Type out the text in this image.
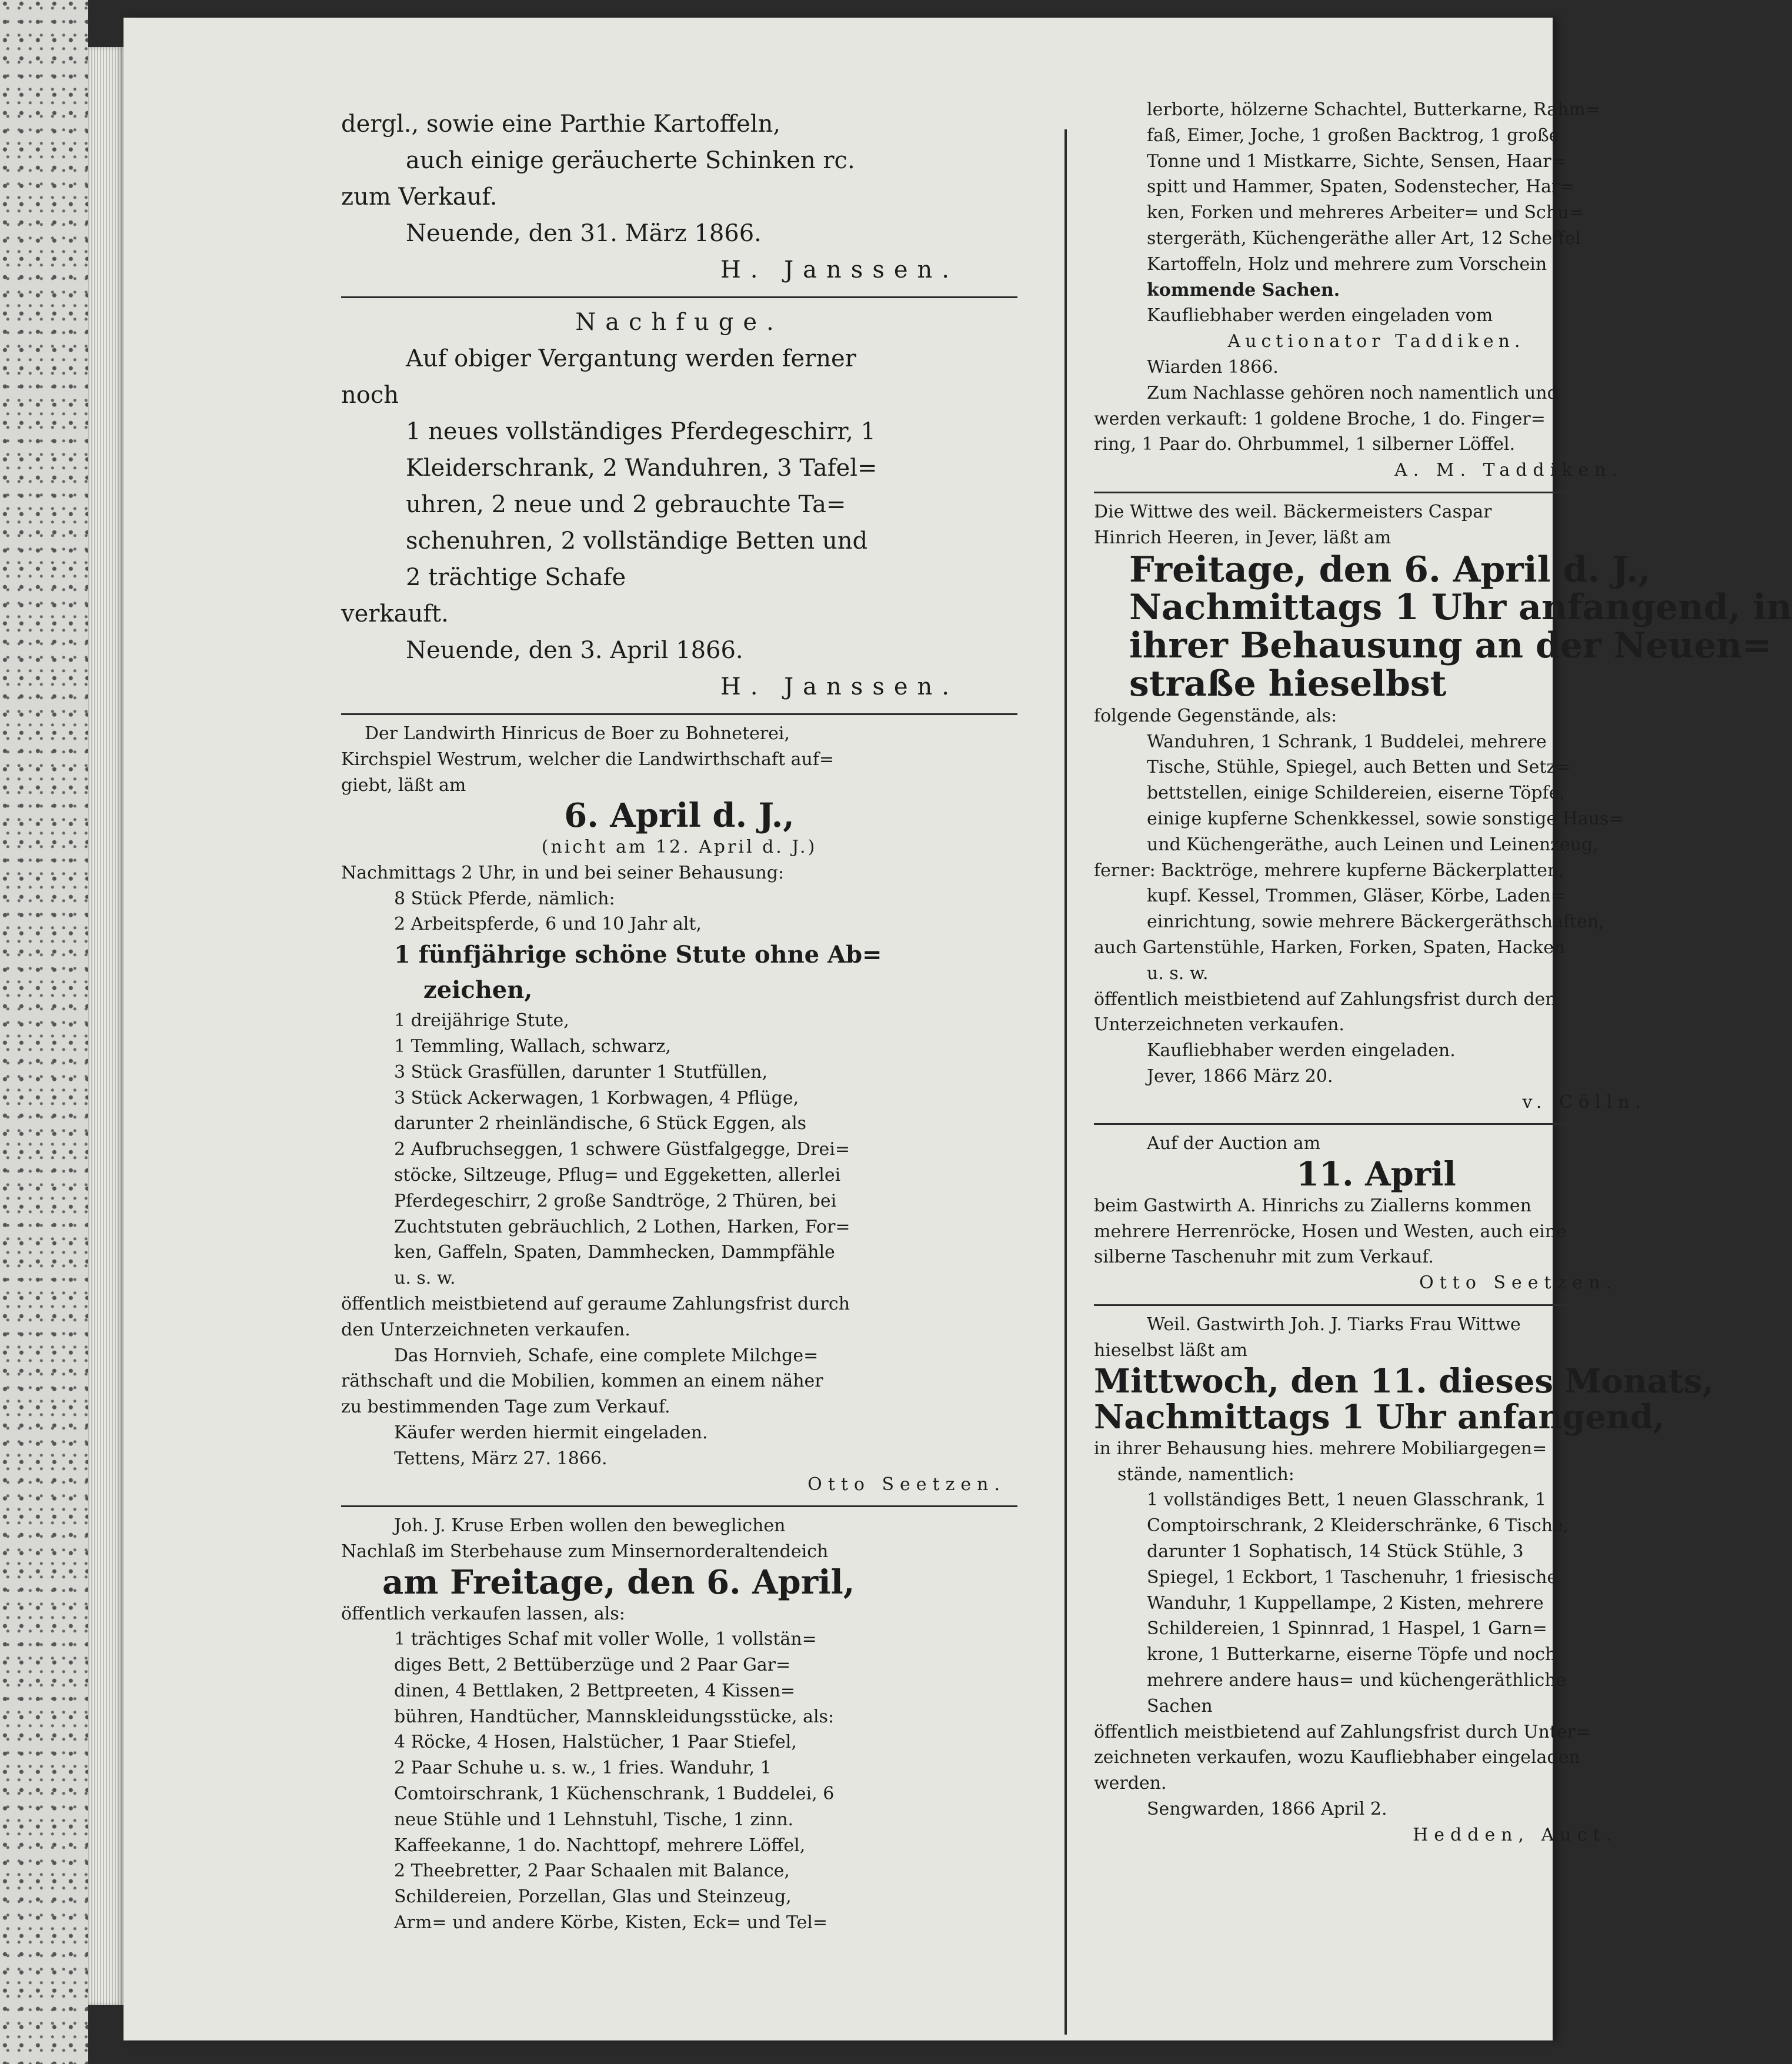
dergl., sowie eine Parthie Kartoffeln,

auch einige geräucherte Schinken rc.

zum Verkauf.

Neuende, den 31. März 1866.

H. Janssen.

Nachfuge.

Auf obiger Vergantung werden ferner

noch

1 neues vollständiges Pferdegeschirr, 1

Kleiderschrank, 2 Wanduhren, 3 Tafel=

uhren, 2 neue und 2 gebrauchte Ta=

schenuhren, 2 vollständige Betten und

2 trächtige Schafe

verkauft.

Neuende, den 3. April 1866.

H. Janssen.

Der Landwirth Hinricus de Boer zu Bohneterei,

Kirchspiel Westrum, welcher die Landwirthschaft auf=

giebt, läßt am

6. April d. J.,

(nicht am 12. April d. J.)

Nachmittags 2 Uhr, in und bei seiner Behausung:

8 Stück Pferde, nämlich:

2 Arbeitspferde, 6 und 10 Jahr alt,

1 fünfjährige schöne Stute ohne Ab=

zeichen,

1 dreijährige Stute,

1 Temmling, Wallach, schwarz,

3 Stück Grasfüllen, darunter 1 Stutfüllen,

3 Stück Ackerwagen, 1 Korbwagen, 4 Pflüge,

darunter 2 rheinländische, 6 Stück Eggen, als

2 Aufbruchseggen, 1 schwere Güstfalgegge, Drei=

stöcke, Siltzeuge, Pflug= und Eggeketten, allerlei

Pferdegeschirr, 2 große Sandtröge, 2 Thüren, bei

Zuchtstuten gebräuchlich, 2 Lothen, Harken, For=

ken, Gaffeln, Spaten, Dammhecken, Dammpfähle

u. s. w.

öffentlich meistbietend auf geraume Zahlungsfrist durch

den Unterzeichneten verkaufen.

Das Hornvieh, Schafe, eine complete Milchge=

räthschaft und die Mobilien, kommen an einem näher

zu bestimmenden Tage zum Verkauf.

Käufer werden hiermit eingeladen.

Tettens, März 27. 1866.

Otto Seetzen.

Joh. J. Kruse Erben wollen den beweglichen

Nachlaß im Sterbehause zum Minsernorderaltendeich

am Freitage, den 6. April,

öffentlich verkaufen lassen, als:

1 trächtiges Schaf mit voller Wolle, 1 vollstän=

diges Bett, 2 Bettüberzüge und 2 Paar Gar=

dinen, 4 Bettlaken, 2 Bettpreeten, 4 Kissen=

bühren, Handtücher, Mannskleidungsstücke, als:

4 Röcke, 4 Hosen, Halstücher, 1 Paar Stiefel,

2 Paar Schuhe u. s. w., 1 fries. Wanduhr, 1

Comtoirschrank, 1 Küchenschrank, 1 Buddelei, 6

neue Stühle und 1 Lehnstuhl, Tische, 1 zinn.

Kaffeekanne, 1 do. Nachttopf, mehrere Löffel,

2 Theebretter, 2 Paar Schaalen mit Balance,

Schildereien, Porzellan, Glas und Steinzeug,

Arm= und andere Körbe, Kisten, Eck= und Tel=

lerborte, hölzerne Schachtel, Butterkarne, Rahm=

faß, Eimer, Joche, 1 großen Backtrog, 1 große

Tonne und 1 Mistkarre, Sichte, Sensen, Haar=

spitt und Hammer, Spaten, Sodenstecher, Har=

ken, Forken und mehreres Arbeiter= und Schu=

stergeräth, Küchengeräthe aller Art, 12 Scheffel

Kartoffeln, Holz und mehrere zum Vorschein

kommende Sachen.

Kaufliebhaber werden eingeladen vom

Auctionator Taddiken.

Wiarden 1866.

Zum Nachlasse gehören noch namentlich und

werden verkauft: 1 goldene Broche, 1 do. Finger=

ring, 1 Paar do. Ohrbummel, 1 silberner Löffel.

A. M. Taddiken.

Die Wittwe des weil. Bäckermeisters Caspar

Hinrich Heeren, in Jever, läßt am

Freitage, den 6. April d. J.,

Nachmittags 1 Uhr anfangend, in

ihrer Behausung an der Neuen=

straße hieselbst

folgende Gegenstände, als:

Wanduhren, 1 Schrank, 1 Buddelei, mehrere

Tische, Stühle, Spiegel, auch Betten und Setz=

bettstellen, einige Schildereien, eiserne Töpfe,

einige kupferne Schenkkessel, sowie sonstige Haus=

und Küchengeräthe, auch Leinen und Leinenzeug,

ferner: Backtröge, mehrere kupferne Bäckerplatten,

kupf. Kessel, Trommen, Gläser, Körbe, Laden=

einrichtung, sowie mehrere Bäckergeräthschaften,

auch Gartenstühle, Harken, Forken, Spaten, Hacken

u. s. w.

öffentlich meistbietend auf Zahlungsfrist durch den

Unterzeichneten verkaufen.

Kaufliebhaber werden eingeladen.

Jever, 1866 März 20.

v. Cölln.

Auf der Auction am

11. April

beim Gastwirth A. Hinrichs zu Ziallerns kommen

mehrere Herrenröcke, Hosen und Westen, auch eine

silberne Taschenuhr mit zum Verkauf.

Otto Seetzen.

Weil. Gastwirth Joh. J. Tiarks Frau Wittwe

hieselbst läßt am

Mittwoch, den 11. dieses Monats,

Nachmittags 1 Uhr anfangend,

in ihrer Behausung hies. mehrere Mobiliargegen=

stände, namentlich:

1 vollständiges Bett, 1 neuen Glasschrank, 1

Comptoirschrank, 2 Kleiderschränke, 6 Tische,

darunter 1 Sophatisch, 14 Stück Stühle, 3

Spiegel, 1 Eckbort, 1 Taschenuhr, 1 friesische

Wanduhr, 1 Kuppellampe, 2 Kisten, mehrere

Schildereien, 1 Spinnrad, 1 Haspel, 1 Garn=

krone, 1 Butterkarne, eiserne Töpfe und noch

mehrere andere haus= und küchengeräthliche

Sachen

öffentlich meistbietend auf Zahlungsfrist durch Unter=

zeichneten verkaufen, wozu Kaufliebhaber eingeladen

werden.

Sengwarden, 1866 April 2.

Hedden, Auct.
